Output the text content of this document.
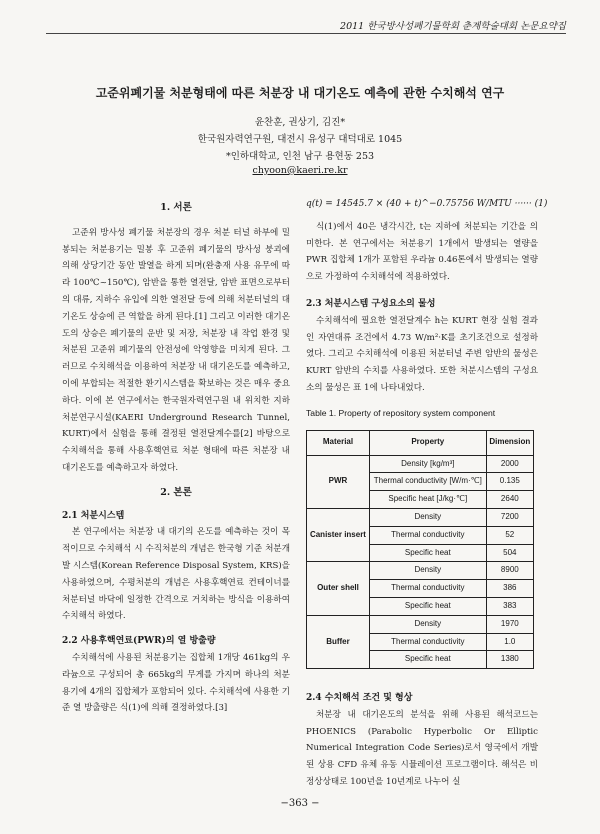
2011 한국방사성폐기물학회 춘계학술대회 논문요약집
고준위폐기물 처분형태에 따른 처분장 내 대기온도 예측에 관한 수치해석 연구
윤찬훈, 권상기, 김진*
한국원자력연구원, 대전시 유성구 대덕대로 1045
*인하대학교, 인천 남구 용현동 253
chyoon@kaeri.re.kr
1. 서론

고준위 방사성 폐기물 처분장의 경우 처분 터널 하부에 밀봉되는 처분용기는 밀봉 후 고준위 폐기물의 방사성 붕괴에 의해 상당기간 동안 발열을 하게 되며(완충재 사용 유무에 따라 100℃~150℃), 암반을 통한 열전달, 암반 표면으로부터의 대류, 지하수 유입에 의한 열전달 등에 의해 처분터널의 대기온도 상승에 큰 역할을 하게 된다.[1] 그리고 이러한 대기온도의 상승은 폐기물의 운반 및 저장, 처분장 내 작업 환경 및 처분된 고준위 폐기물의 안전성에 악영향을 미치게 된다. 그러므로 수치해석을 이용하여 처분장 내 대기온도를 예측하고, 이에 부합되는 적절한 환기시스템을 확보하는 것은 매우 중요하다. 이에 본 연구에서는 한국원자력연구원 내 위치한 지하처분연구시설(KAERI Underground Research Tunnel, KURT)에서 실험을 통해 결정된 열전달계수를[2] 바탕으로 수치해석을 통해 사용후핵연료 처분 형태에 따른 처분장 내 대기온도를 예측하고자 하였다.

2. 본론
2.1 처분시스템

본 연구에서는 처분장 내 대기의 온도를 예측하는 것이 목적이므로 수치해석 시 수직처분의 개념은 한국형 기준 처분개발 시스템(Korean Reference Disposal System, KRS)을 사용하였으며, 수평처분의 개념은 사용후핵연료 컨테이너를 처분터널 바닥에 일정한 간격으로 거치하는 방식을 이용하여 수치해석 하였다.

2.2 사용후핵연료(PWR)의 열 방출량

수치해석에 사용된 처분용기는 집합체 1개당 461kg의 우라늄으로 구성되어 총 665kg의 무게를 가지며 하나의 처분용기에 4개의 집합체가 포함되어 있다. 수치해석에 사용한 기준 열 방출량은 식(1)에 의해 결정하였다.[3]

q(t) = 14545.7 × (40 + t)^−0.75756 W/MTU ······ (1)

식(1)에서 40은 냉각시간, t는 지하에 처분되는 기간을 의미한다. 본 연구에서는 처분용기 1개에서 발생되는 열량을 PWR 집합체 1개가 포함된 우라늄 0.46톤에서 발생되는 열량으로 가정하여 수치해석에 적용하였다.

2.3 처분시스템 구성요소의 물성

수치해석에 필요한 열전달계수 h는 KURT 현장 실험 결과인 자연대류 조건에서 4.73 W/m²·K를 초기조건으로 설정하였다. 그리고 수치해석에 이용된 처분터널 주변 암반의 물성은 KURT 암반의 수치를 사용하였다. 또한 처분시스템의 구성요소의 물성은 표 1에 나타내었다.

Table 1. Property of repository system component
Material	Property	Dimension
PWR	Density [kg/m³]	2000
	Thermal conductivity [W/m·℃]	0.135
	Specific heat [J/kg·℃]	2640
Canister insert	Density	7200
	Thermal conductivity	52
	Specific heat	504
Outer shell	Density	8900
	Thermal conductivity	386
	Specific heat	383
Buffer	Density	1970
	Thermal conductivity	1.0
	Specific heat	1380
2.4 수치해석 조건 및 형상

처분장 내 대기온도의 분석을 위해 사용된 해석코드는 PHOENICS (Parabolic Hyperbolic Or Elliptic Numerical Integration Code Series)로서 영국에서 개발된 상용 CFD 유체 유동 시뮬레이션 프로그램이다. 해석은 비정상상태로 100년을 10년계로 나누어 실

−363 −
